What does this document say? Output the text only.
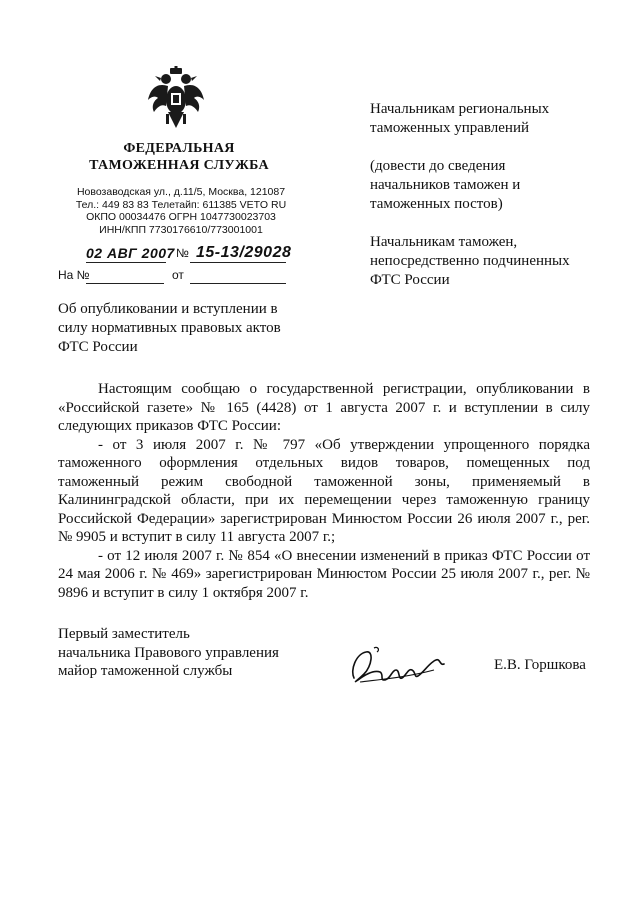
ФЕДЕРАЛЬНАЯ
ТАМОЖЕННАЯ СЛУЖБА
Новозаводская ул., д.11/5, Москва, 121087
Тел.: 449 83 83 Телетайп: 611385 VETO RU
ОКПО 00034476 ОГРН 1047730023703
ИНН/КПП 7730176610/773001001
02 АВГ 2007 № 15-13/29028
На №	от
Об опубликовании и вступлении в
силу нормативных правовых актов
ФТС России
Начальникам региональных
таможенных управлений
(довести до сведения
начальников таможен и
таможенных постов)
Начальникам таможен,
непосредственно подчиненных
ФТС России

Настоящим сообщаю о государственной регистрации, опубликовании в «Российской газете» № 165 (4428) от 1 августа 2007 г. и вступлении в силу следующих приказов ФТС России:

- от 3 июля 2007 г. № 797 «Об утверждении упрощенного порядка таможенного оформления отдельных видов товаров, помещенных под таможенный режим свободной таможенной зоны, применяемый в Калининградской области, при их перемещении через таможенную границу Российской Федерации» зарегистрирован Минюстом России 26 июля 2007 г., рег. № 9905 и вступит в силу 11 августа 2007 г.;

- от 12 июля 2007 г. № 854 «О внесении изменений в приказ ФТС России от 24 мая 2006 г. № 469» зарегистрирован Минюстом России 25 июля 2007 г., рег. № 9896 и вступит в силу 1 октября 2007 г.

Первый заместитель
начальника Правового управления
майор таможенной службы	Е.В. Горшкова
